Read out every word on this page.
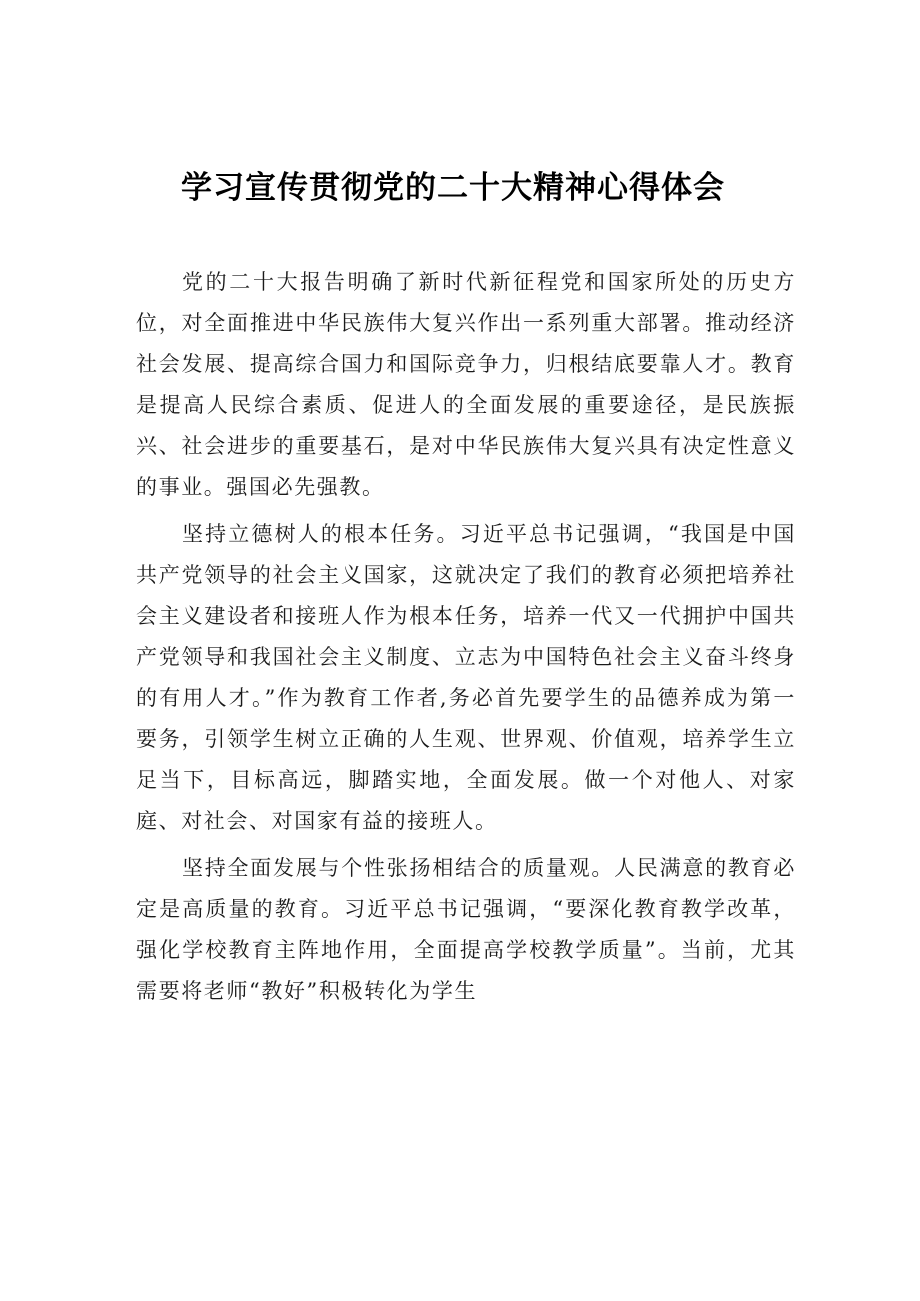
学习宣传贯彻党的二十大精神心得体会

党的二十大报告明确了新时代新征程党和国家所处的历史方位，对全面推进中华民族伟大复兴作出一系列重大部署。推动经济社会发展、提高综合国力和国际竞争力，归根结底要靠人才。教育是提高人民综合素质、促进人的全面发展的重要途径，是民族振兴、社会进步的重要基石，是对中华民族伟大复兴具有决定性意义的事业。强国必先强教。

坚持立德树人的根本任务。习近平总书记强调，“我国是中国共产党领导的社会主义国家，这就决定了我们的教育必须把培养社会主义建设者和接班人作为根本任务，培养一代又一代拥护中国共产党领导和我国社会主义制度、立志为中国特色社会主义奋斗终身的有用人才。”作为教育工作者,务必首先要学生的品德养成为第一要务，引领学生树立正确的人生观、世界观、价值观，培养学生立足当下，目标高远，脚踏实地，全面发展。做一个对他人、对家庭、对社会、对国家有益的接班人。

坚持全面发展与个性张扬相结合的质量观。人民满意的教育必定是高质量的教育。习近平总书记强调，“要深化教育教学改革，强化学校教育主阵地作用，全面提高学校教学质量”。当前，尤其需要将老师“教好”积极转化为学生
